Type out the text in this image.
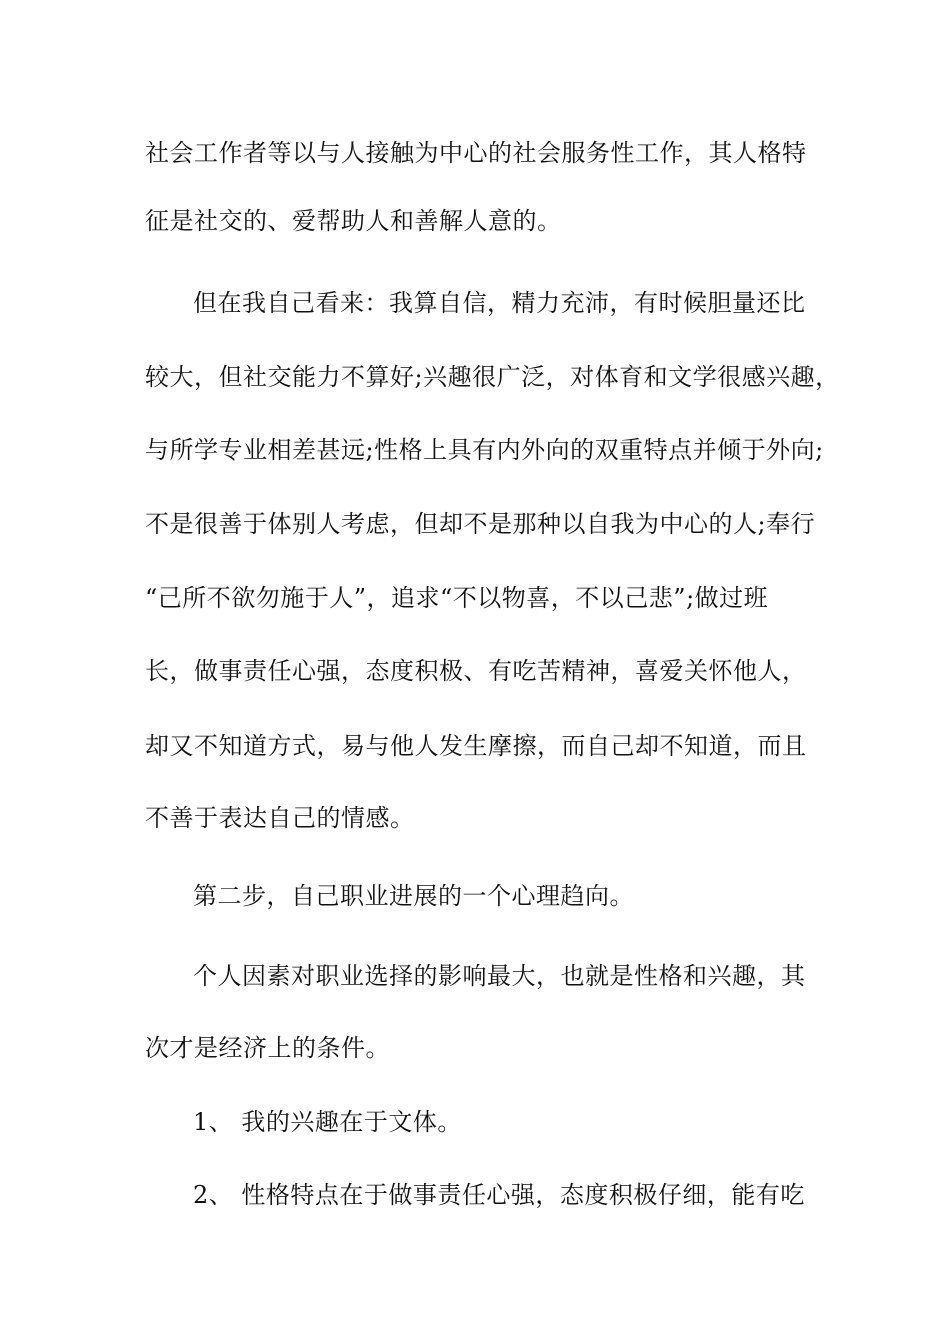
社会工作者等以与人接触为中心的社会服务性工作，其人格特
征是社交的、爱帮助人和善解人意的。
但在我自己看来：我算自信，精力充沛，有时候胆量还比
较大，但社交能力不算好;兴趣很广泛，对体育和文学很感兴趣，
与所学专业相差甚远;性格上具有内外向的双重特点并倾于外向;
不是很善于体别人考虑，但却不是那种以自我为中心的人;奉行
“己所不欲勿施于人”，追求“不以物喜，不以己悲”;做过班
长，做事责任心强，态度积极、有吃苦精神，喜爱关怀他人，
却又不知道方式，易与他人发生摩擦，而自己却不知道，而且
不善于表达自己的情感。
第二步，自己职业进展的一个心理趋向。
个人因素对职业选择的影响最大，也就是性格和兴趣，其
次才是经济上的条件。
1、 我的兴趣在于文体。
2、 性格特点在于做事责任心强，态度积极仔细，能有吃
